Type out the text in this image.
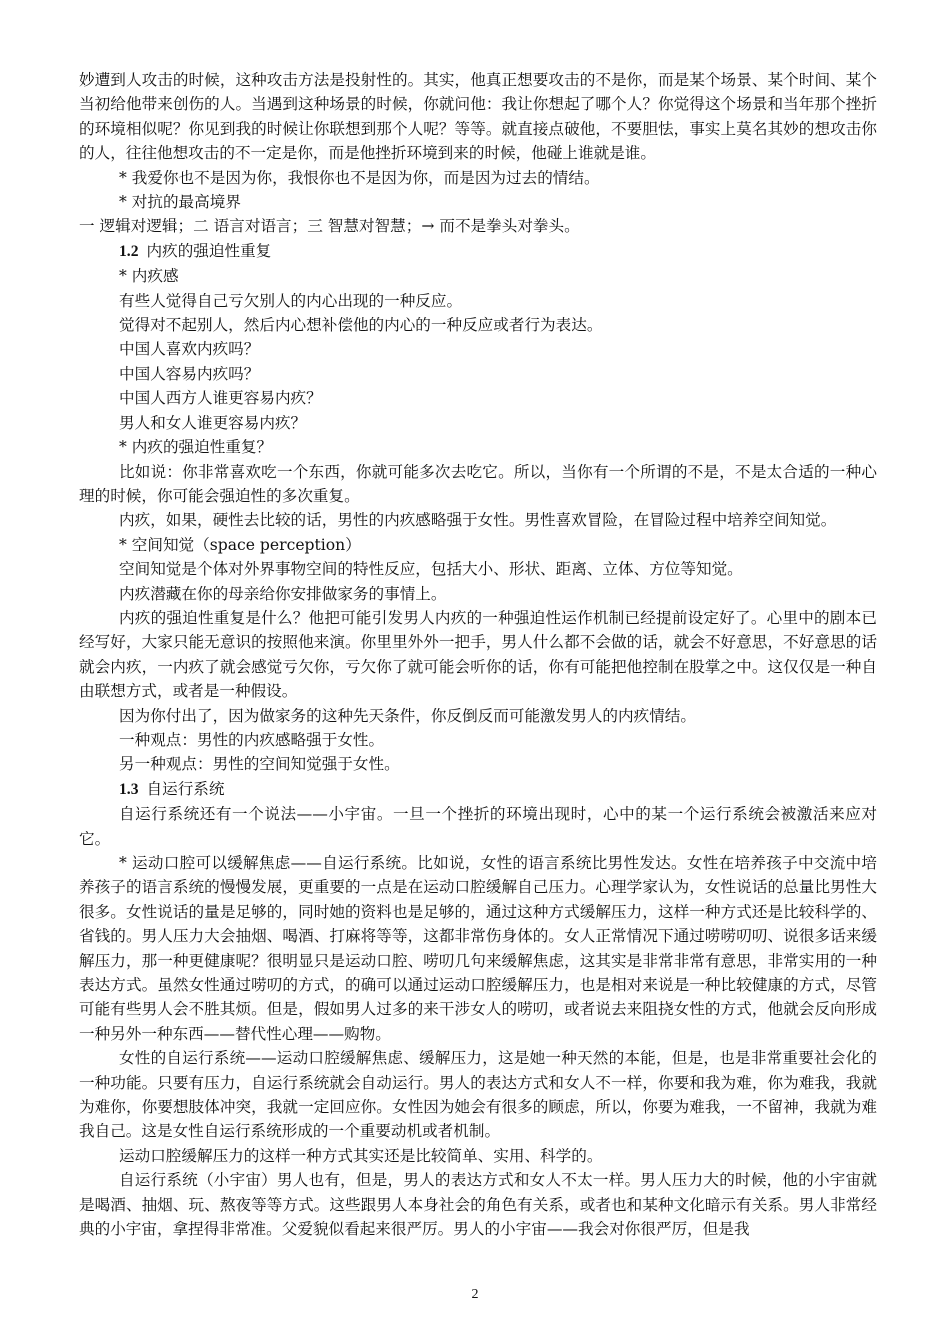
妙遭到人攻击的时候，这种攻击方法是投射性的。其实，他真正想要攻击的不是你，而是某个场景、某个时间、某个当初给他带来创伤的人。当遇到这种场景的时候，你就问他：我让你想起了哪个人？你觉得这个场景和当年那个挫折的环境相似呢？你见到我的时候让你联想到那个人呢？等等。就直接点破他，不要胆怯，事实上莫名其妙的想攻击你的人，往往他想攻击的不一定是你，而是他挫折环境到来的时候，他碰上谁就是谁。

* 我爱你也不是因为你，我恨你也不是因为你，而是因为过去的情结。

* 对抗的最高境界

一 逻辑对逻辑；二 语言对语言；三 智慧对智慧；→ 而不是拳头对拳头。

1.2 内疚的强迫性重复

* 内疚感

有些人觉得自己亏欠别人的内心出现的一种反应。

觉得对不起别人，然后内心想补偿他的内心的一种反应或者行为表达。

中国人喜欢内疚吗？

中国人容易内疚吗？

中国人西方人谁更容易内疚？

男人和女人谁更容易内疚？

* 内疚的强迫性重复？

比如说：你非常喜欢吃一个东西，你就可能多次去吃它。所以，当你有一个所谓的不是，不是太合适的一种心理的时候，你可能会强迫性的多次重复。

内疚，如果，硬性去比较的话，男性的内疚感略强于女性。男性喜欢冒险，在冒险过程中培养空间知觉。

* 空间知觉（space perception）

空间知觉是个体对外界事物空间的特性反应，包括大小、形状、距离、立体、方位等知觉。

内疚潜藏在你的母亲给你安排做家务的事情上。

内疚的强迫性重复是什么？他把可能引发男人内疚的一种强迫性运作机制已经提前设定好了。心里中的剧本已经写好，大家只能无意识的按照他来演。你里里外外一把手，男人什么都不会做的话，就会不好意思，不好意思的话就会内疚，一内疚了就会感觉亏欠你，亏欠你了就可能会听你的话，你有可能把他控制在股掌之中。这仅仅是一种自由联想方式，或者是一种假设。

因为你付出了，因为做家务的这种先天条件，你反倒反而可能激发男人的内疚情结。

一种观点：男性的内疚感略强于女性。

另一种观点：男性的空间知觉强于女性。

1.3 自运行系统

自运行系统还有一个说法——小宇宙。一旦一个挫折的环境出现时，心中的某一个运行系统会被激活来应对它。

* 运动口腔可以缓解焦虑——自运行系统。比如说，女性的语言系统比男性发达。女性在培养孩子中交流中培养孩子的语言系统的慢慢发展，更重要的一点是在运动口腔缓解自己压力。心理学家认为，女性说话的总量比男性大很多。女性说话的量是足够的，同时她的资料也是足够的，通过这种方式缓解压力，这样一种方式还是比较科学的、省钱的。男人压力大会抽烟、喝酒、打麻将等等，这都非常伤身体的。女人正常情况下通过唠唠叨叨、说很多话来缓解压力，那一种更健康呢？很明显只是运动口腔、唠叨几句来缓解焦虑，这其实是非常非常有意思，非常实用的一种表达方式。虽然女性通过唠叨的方式，的确可以通过运动口腔缓解压力，也是相对来说是一种比较健康的方式，尽管可能有些男人会不胜其烦。但是，假如男人过多的来干涉女人的唠叨，或者说去来阻挠女性的方式，他就会反向形成一种另外一种东西——替代性心理——购物。

女性的自运行系统——运动口腔缓解焦虑、缓解压力，这是她一种天然的本能，但是，也是非常重要社会化的一种功能。只要有压力，自运行系统就会自动运行。男人的表达方式和女人不一样，你要和我为难，你为难我，我就为难你，你要想肢体冲突，我就一定回应你。女性因为她会有很多的顾虑，所以，你要为难我，一不留神，我就为难我自己。这是女性自运行系统形成的一个重要动机或者机制。

运动口腔缓解压力的这样一种方式其实还是比较简单、实用、科学的。

自运行系统（小宇宙）男人也有，但是，男人的表达方式和女人不太一样。男人压力大的时候，他的小宇宙就是喝酒、抽烟、玩、熬夜等等方式。这些跟男人本身社会的角色有关系，或者也和某种文化暗示有关系。男人非常经典的小宇宙，拿捏得非常准。父爱貌似看起来很严厉。男人的小宇宙——我会对你很严厉，但是我

2
